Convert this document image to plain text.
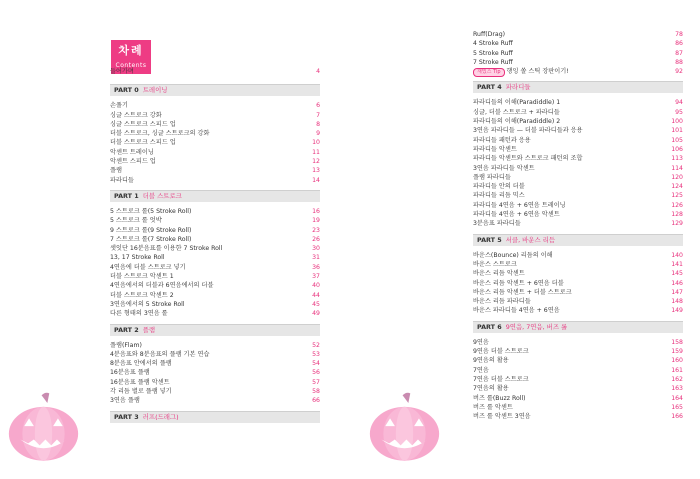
차례
Contents
들어가며	4
PART 0 트레이닝
손풀기	6
싱글 스트로크 강화	7
싱글 스트로크 스피드 업	8
더블 스트로크, 싱글 스트로크의 강화	9
더블 스트로크 스피드 업	10
악센트 트레이닝	11
악센트 스피드 업	12
플램	13
파라디들	14
PART 1 더블 스트로크
5 스트로크 롤(5 Stroke Roll)	16
5 스트로크 롤 엇박	19
9 스트로크 롤(9 Stroke Roll)	23
7 스트로크 롤(7 Stroke Roll)	26
셋잇단 16분음표를 이용한 7 Stroke Roll	30
13, 17 Stroke Roll	31
4연음에 더블 스트로크 넣기	36
더블 스트로크 악센트 1	37
4연음에서의 더블과 6연음에서의 더블	40
더블 스트로크 악센트 2	44
3연음에서의 5 Stroke Roll	45
다른 형태의 3연음 롤	49
PART 2 플램
플램(Flam)	52
4분음표와 8분음표의 플램 기본 연습	53
8분음표 안에서의 플램	54
16분음표 플램	56
16분음표 플램 악센트	57
각 리듬 별로 플램 넣기	58
3연음 플램	66
PART 3 러프(드래그)
Ruff(Drag)	78
4 Stroke Ruff	86
5 Stroke Ruff	87
7 Stroke Ruff	88
재밌스 Tip 행잉 쏠 스틱 장판이기!	92
PART 4 파라디들
파라디들의 이해(Paradiddle) 1	94
싱글, 더블 스트로크 + 파라디들	95
파라디들의 이해(Paradiddle) 2	100
3연음 파라디들 — 더블 파라디들과 응용	101
파라디들 패턴과 응용	105
파라디들 악센트	106
파라디들 악센트와 스트로크 패턴의 조합	113
3연음 파라디들 악센트	114
플램 파라디들	120
파라디들 안의 더블	124
파라디들 리듬 믹스	125
파라디들 4연음 + 6연음 트레이닝	126
파라디들 4연음 + 6연음 악센트	128
3분음표 파라디들	129
PART 5 서클, 바운스 리듬
바운스(Bounce) 리듬의 이해	140
바운스 스트로크	141
바운스 리듬 악센트	145
바운스 리듬 악센트 + 6연음 더블	146
바운스 리듬 악센트 + 더블 스트로크	147
바운스 리듬 파라디들	148
바운스 파라디들 4연음 + 6연음	149
PART 6 9연음, 7연음, 버즈 롤
9연음	158
9연음 더블 스트로크	159
9연음의 활용	160
7연음	161
7연음 더블 스트로크	162
7연음의 활용	163
버즈 롤(Buzz Roll)	164
버즈 롤 악센트	165
버즈 롤 악센트 3연음	166
